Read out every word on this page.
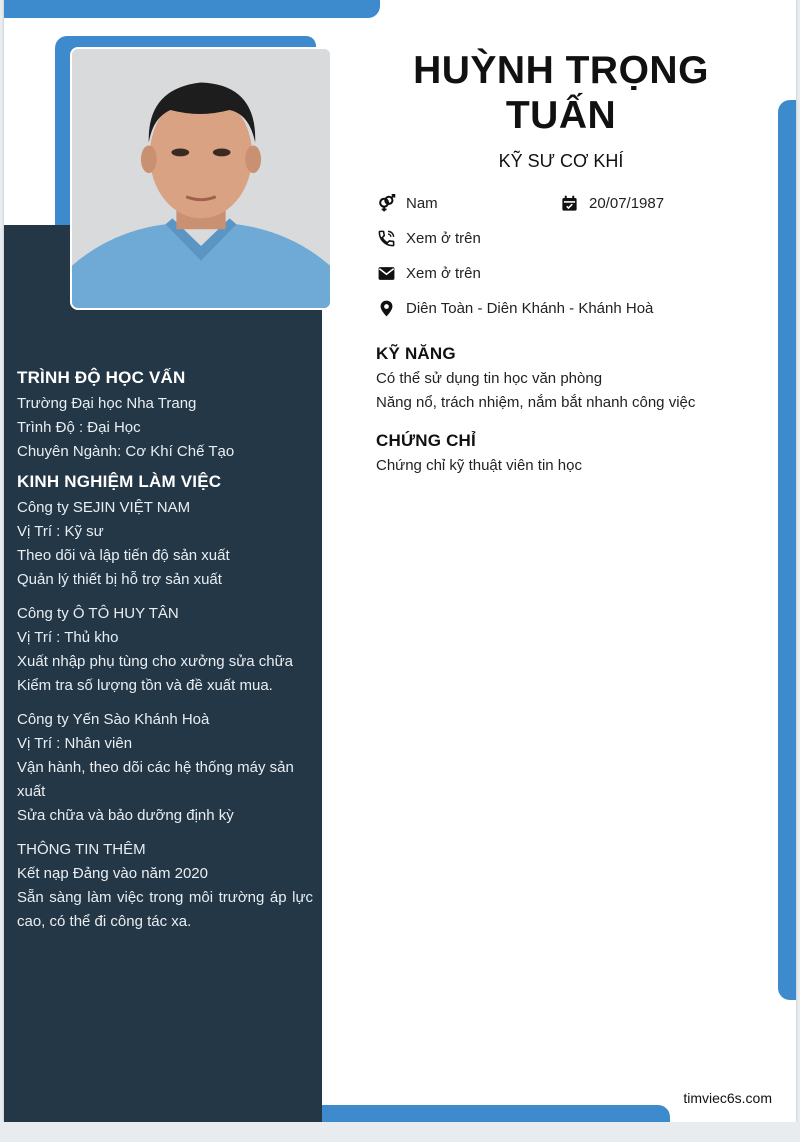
TRÌNH ĐỘ HỌC VẤN
Trường Đại học Nha Trang
Trình Độ : Đại Học
Chuyên Ngành: Cơ Khí Chế Tạo
KINH NGHIỆM LÀM VIỆC
Công ty SEJIN VIỆT NAM
Vị Trí : Kỹ sư
Theo dõi và lập tiến độ sản xuất
Quản lý thiết bị hỗ trợ sản xuất
Công ty Ô TÔ HUY TÂN
Vị Trí : Thủ kho
Xuất nhập phụ tùng cho xưởng sửa chữa
Kiểm tra số lượng tồn và đề xuất mua.
Công ty Yến Sào Khánh Hoà
Vị Trí : Nhân viên
Vận hành, theo dõi các hệ thống máy sản xuất
Sửa chữa và bảo dưỡng định kỳ
THÔNG TIN THÊM
Kết nạp Đảng vào năm 2020
Sẵn sàng làm việc trong môi trường áp lực cao, có thể đi công tác xa.
HUỲNH TRỌNG
TUẤN
KỸ SƯ CƠ KHÍ
Nam	20/07/1987
Xem ở trên
Xem ở trên
Diên Toàn - Diên Khánh - Khánh Hoà
KỸ NĂNG
Có thể sử dụng tin học văn phòng
Năng nổ, trách nhiệm, nắm bắt nhanh công việc
CHỨNG CHỈ
Chứng chỉ kỹ thuật viên tin học
timviec6s.com
